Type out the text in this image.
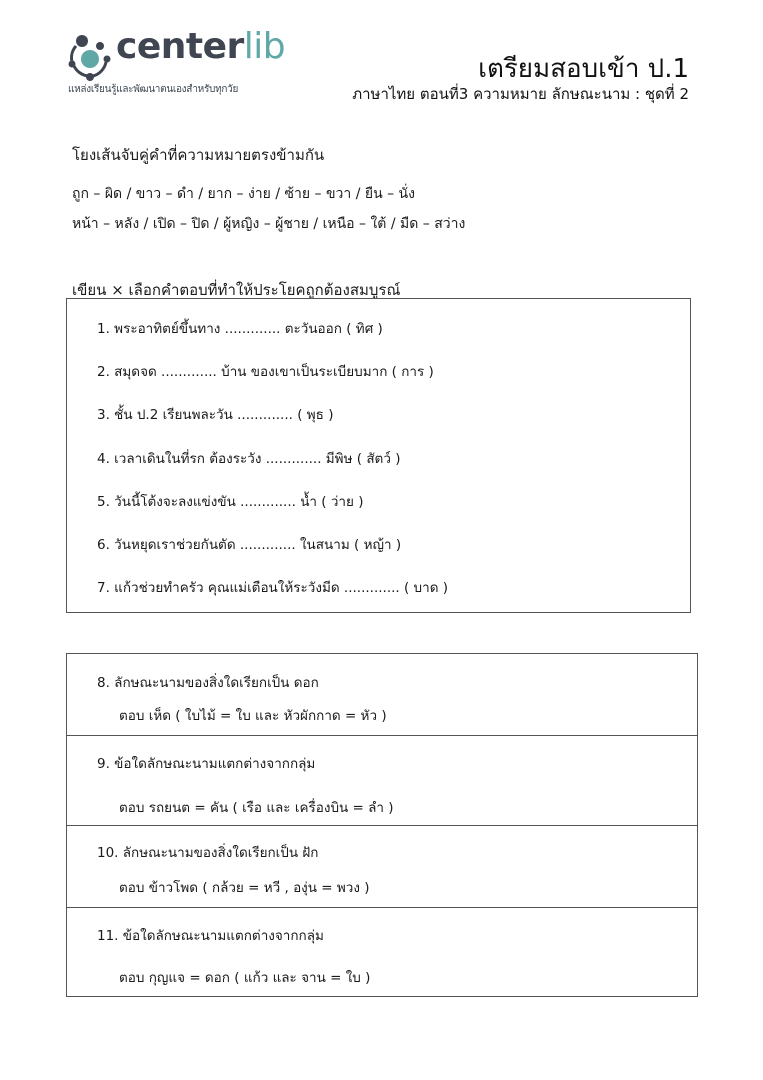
centerlib
แหล่งเรียนรู้และพัฒนาตนเองสำหรับทุกวัย
เตรียมสอบเข้า ป.1
ภาษาไทย ตอนที่3 ความหมาย ลักษณะนาม : ชุดที่ 2
โยงเส้นจับคู่คำที่ความหมายตรงข้ามกัน
ถูก – ผิด / ขาว – ดำ / ยาก – ง่าย / ซ้าย – ขวา / ยืน – นั่ง
หน้า – หลัง / เปิด – ปิด / ผู้หญิง – ผู้ชาย / เหนือ – ใต้ / มืด – สว่าง
เขียน × เลือกคำตอบที่ทำให้ประโยคถูกต้องสมบูรณ์
1. พระอาทิตย์ขึ้นทาง ............. ตะวันออก ( ทิศ )
2. สมุดจด ............. บ้าน ของเขาเป็นระเบียบมาก ( การ )
3. ชั้น ป.2 เรียนพละวัน ............. ( พุธ )
4. เวลาเดินในที่รก ต้องระวัง ............. มีพิษ ( สัตว์ )
5. วันนี้โต้งจะลงแข่งขัน ............. น้ำ ( ว่าย )
6. วันหยุดเราช่วยกันตัด ............. ในสนาม ( หญ้า )
7. แก้วช่วยทำครัว คุณแม่เตือนให้ระวังมีด ............. ( บาด )
8. ลักษณะนามของสิ่งใดเรียกเป็น ดอก
ตอบ เห็ด ( ใบไม้ = ใบ และ หัวผักกาด = หัว )
9. ข้อใดลักษณะนามแตกต่างจากกลุ่ม
ตอบ รถยนต = คัน ( เรือ และ เครื่องบิน = ลำ )
10. ลักษณะนามของสิ่งใดเรียกเป็น ฝัก
ตอบ ข้าวโพด ( กล้วย = หวี , องุ่น = พวง )
11. ข้อใดลักษณะนามแตกต่างจากกลุ่ม
ตอบ กุญแจ = ดอก ( แก้ว และ จาน = ใบ )
